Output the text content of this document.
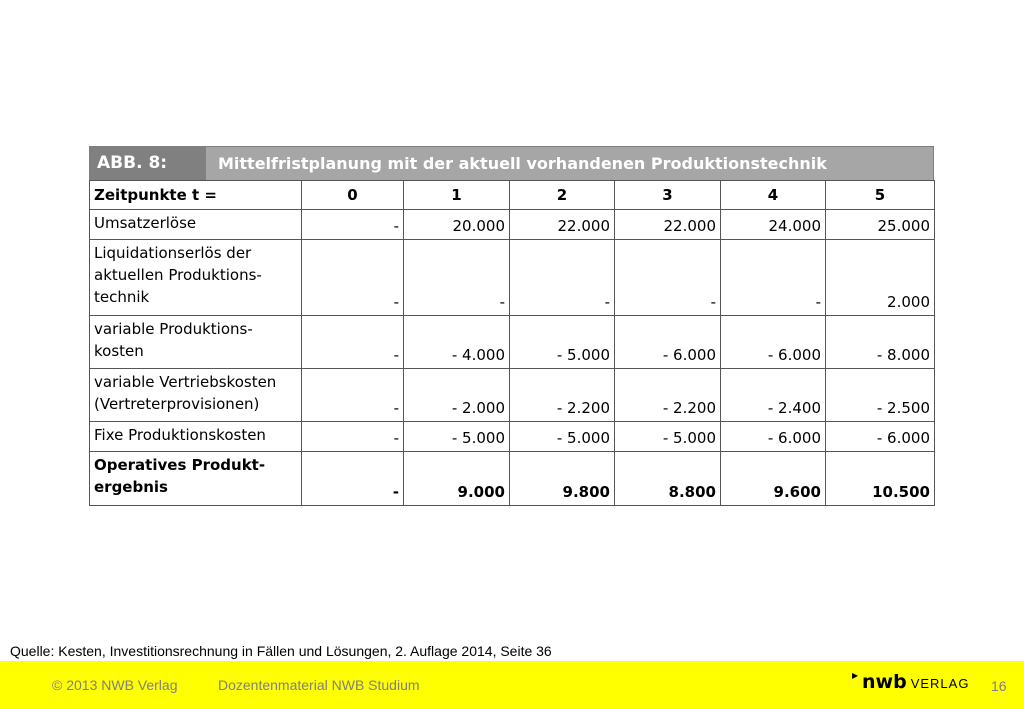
ABB. 8:	Mittelfristplanung mit der aktuell vorhandenen Produktionstechnik
Zeitpunkte t =	0	1	2	3	4	5

Umsatzerlöse	-	20.000	22.000	22.000	24.000	25.000

Liquidationserlös der
aktuellen Produktions-
technik	-	-	-	-	-	2.000

variable Produktions-
kosten	-	- 4.000	- 5.000	- 6.000	- 6.000	- 8.000

variable Vertriebskosten
(Vertreterprovisionen)	-	- 2.000	- 2.200	- 2.200	- 2.400	- 2.500

Fixe Produktionskosten	-	- 5.000	- 5.000	- 5.000	- 6.000	- 6.000

Operatives Produkt-
ergebnis	-	9.000	9.800	8.800	9.600	10.500
Quelle: Kesten, Investitionsrechnung in Fällen und Lösungen, 2. Auflage 2014, Seite 36
© 2013 NWB Verlag	Dozentenmaterial NWB Studium
▶ nwb VERLAG 16
